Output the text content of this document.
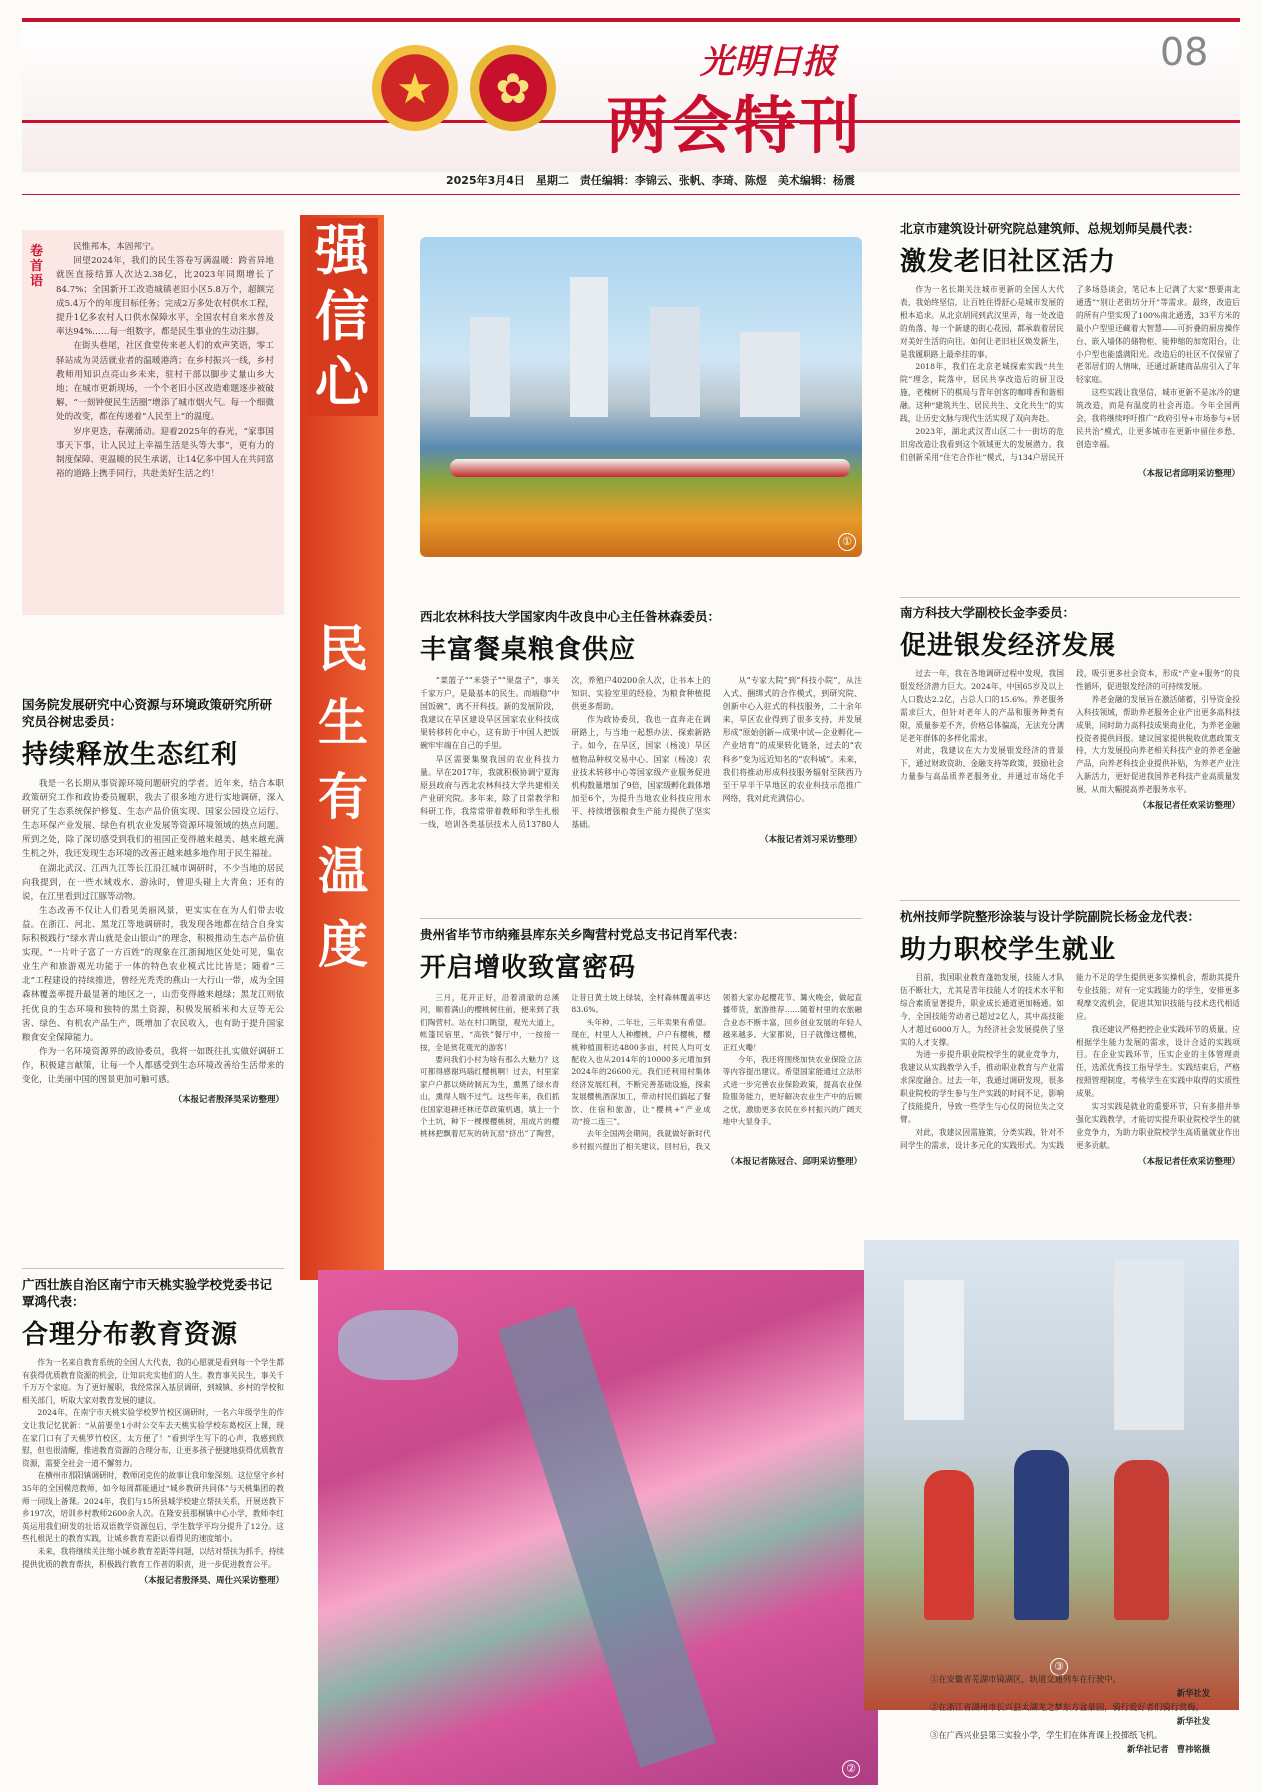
★	✿
光明日报
两会特刊
08
2025年3月4日　星期二　责任编辑：李锦云、张帆、李琦、陈煜　美术编辑：杨震
卷首语

民惟邦本，本固邦宁。

回望2024年，我们的民生答卷写满温暖：跨省异地就医直接结算人次达2.38亿，比2023年同期增长了84.7%；全国新开工改造城镇老旧小区5.8万个，超额完成5.4万个的年度目标任务；完成2万多处农村供水工程，提升1亿多农村人口供水保障水平，全国农村自来水普及率达94%……每一组数字，都是民生事业的生动注脚。

在街头巷尾，社区食堂传来老人们的欢声笑语，零工驿站成为灵活就业者的温暖港湾；在乡村振兴一线，乡村教师用知识点亮山乡未来，驻村干部以脚步丈量山乡大地；在城市更新现场，一个个老旧小区改造难题逐步被破解，“一刻钟便民生活圈”增添了城市烟火气。每一个细微处的改变，都在传递着“人民至上”的温度。

岁序更迭，春潮涌动。迎着2025年的春光，“家事国事天下事，让人民过上幸福生活是头等大事”，更有力的制度保障、更温暖的民生承诺，让14亿多中国人在共同富裕的道路上携手同行，共赴美好生活之约！

强
信
心
民
生
有
温
度
国务院发展研究中心资源与环境政策研究所研究员谷树忠委员：
持续释放生态红利

我是一名长期从事资源环境问题研究的学者。近年来，结合本职政策研究工作和政协委员履职，我去了很多地方进行实地调研，深入研究了生态系统保护修复、生态产品价值实现、国家公园设立运行、生态环保产业发展、绿色有机农业发展等资源环境领域的热点问题。所到之处，除了深切感受到我们的祖国正变得越来越美、越来越充满生机之外，我还发现生态环境的改善正越来越多地作用于民生福祉。

在湖北武汉、江西九江等长江沿江城市调研时，不少当地的居民向我提到，在一些水域戏水、游泳时，曾迎头碰上大青鱼；还有的说，在江里看到过江豚等动物。

生态改善不仅让人们看见美丽风景，更实实在在为人们带去收益。在浙江、河北、黑龙江等地调研时，我发现各地都在结合自身实际积极践行“绿水青山就是金山银山”的理念，积极推动生态产品价值实现。“一片叶子富了一方百姓”的现象在江浙闽地区处处可见，集农业生产和旅游观光功能于一体的特色农业模式比比皆是；随着“三北”工程建设的持续推进，曾经光秃秃的燕山一大行山一带，成为全国森林覆盖率提升最显著的地区之一，山峦变得越来越绿；黑龙江则依托优良的生态环境和独特的黑土资源，积极发展稻米和大豆等无公害、绿色、有机农产品生产，既增加了农民收入，也有助于提升国家粮食安全保障能力。

作为一名环境资源界的政协委员，我将一如既往扎实做好调研工作，积极建言献策，让每一个人都感受到生态环境改善给生活带来的变化，让美丽中国的图景更加可触可感。

（本报记者殷泽昊采访整理）
广西壮族自治区南宁市天桃实验学校党委书记覃鸿代表：
合理分布教育资源

作为一名来自教育系统的全国人大代表，我的心愿就是看到每一个学生都有获得优质教育资源的机会，让知识充实他们的人生。教育事关民生，事关千千万万个家庭。为了更好履职，我经常深入基层调研，到城镇、乡村的学校和相关部门，听取大家对教育发展的建议。

2024年，在南宁市天桃实验学校罗竹校区调研时，一名六年级学生的作文让我记忆犹新：“从前要坐1小时公交车去天桃实验学校东葛校区上课，现在家门口有了天桃罗竹校区，太方便了！”看到学生写下的心声，我感到欣慰，但也很清醒，推进教育资源的合理分布，让更多孩子便捷地获得优质教育资源，需要全社会一道不懈努力。

在横州市那阳镇调研时，教师闭克佐的故事让我印象深刻。这位坚守乡村35年的全国模范教师，如今每周都能通过“城乡教研共同体”与天桃集团的教师一同线上备课。2024年，我们与15所县城学校建立帮扶关系，开展送教下乡197次，培训乡村教师2600余人次。在隆安县那桐镇中心小学，教师李红英运用我们研发的壮语双语教学资源包后，学生数学平均分提升了12分。这些扎根泥土的教育实践，让城乡教育差距以看得见的速度缩小。

未来，我将继续关注缩小城乡教育差距等问题，以结对帮扶为抓手，持续提供优质的教育帮扶，积极践行教育工作者的职责，进一步促进教育公平。

（本报记者殷泽昊、周仕兴采访整理）
①
西北农林科技大学国家肉牛改良中心主任昝林森委员：
丰富餐桌粮食供应

“菜篮子”“米袋子”“果盘子”，事关千家万户，是最基本的民生。而端稳“中国饭碗”，离不开科技。新的发展阶段，我建议在旱区建设旱区国家农业科技成果转移转化中心，这有助于中国人把饭碗牢牢端在自己的手里。

旱区需要集聚我国的农业科技力量。早在2017年，我就积极协调宁夏海原县政府与西北农林科技大学共建相关产业研究院。多年来，除了日常教学和科研工作，我常常带着教师和学生扎根一线，培训各类基层技术人员13780人次，养殖户40200余人次，让书本上的知识、实验室里的经验，为粮食种植提供更多帮助。

作为政协委员，我也一直奔走在调研路上，与当地一起想办法、探索新路子。如今，在旱区，国家（杨凌）旱区植物品种权交易中心、国家（杨凌）农业技术转移中心等国家级产业服务促进机构数量增加了9倍，国家级孵化载体增加至6个，为提升当地农业科技应用水平、持续增强粮食生产能力提供了坚实基础。

从“专家大院”到“科技小院”，从注入式、捆绑式的合作模式，到研究院、创新中心入驻式的科技服务，二十余年来，旱区农业得到了很多支持，并发展形成“原始创新—成果中试—企业孵化—产业培育”的成果转化链条，过去的“农科乡”变为远近知名的“农科城”。未来，我们将推动形成科技服务辐射至陕西乃至干旱半干旱地区的农业科技示范推广网络，我对此充满信心。

（本报记者刘习采访整理）
贵州省毕节市纳雍县库东关乡陶营村党总支书记肖军代表：
开启增收致富密码

三月，花开正好，沿着清澈的总溪河，顺着满山的樱桃树往前，便来到了我们陶营村。站在村口眺望，观光大道上，帐篷民宿里、“高铁”餐厅中，一按接一按，全是赏花观光的游客！

要问我们小村为啥有那么大魅力？这可都得感谢玛瑙红樱桃啊！过去，村里家家户户都以烧砖制瓦为生，熏黑了绿水青山，熏得人喘不过气。这些年来，我们抓住国家退耕还林还草政策机遇，填上一个个土坑，种下一棵棵樱桃树，用成片的樱桃林把飘着尼灰的砖瓦窑“挤出”了陶营，让昔日黄土坡上绿装，全村森林覆盖率达83.6%。

头年种，二年壮，三年卖果有希望。现在，村里人人种樱桃，户户有樱桃，樱桃种植面积达4800多亩，村民人均可支配收入也从2014年的10000多元增加到2024年的26600元。我们还利用村集体经济发展红利，不断完善基础设施，探索发展樱桃酒深加工，带动村民们搞起了餐饮、住宿和旅游，让“樱桃+”产业成功“接二连三”。

去年全国两会期间，我就做好新时代乡村振兴提出了相关建议。回村后，我又领着大家办起樱花节、篝火晚会，做起直播带货，旅游推荐……随着村里的农旅融合业态不断丰富，回乡创业发展的年轻人越来越多。大家都说，日子就像这樱桃，正红火嘞！

今年，我还将围绕加快农业保险立法等内容提出建议。希望国家能通过立法形式进一步完善农业保险政策，提高农业保险服务能力，更好解决农业生产中的后顾之忧，激励更多农民在乡村振兴的广阔天地中大显身手。

（本报记者陈冠合、邱明采访整理）
②
北京市建筑设计研究院总建筑师、总规划师吴晨代表：
激发老旧社区活力

作为一名长期关注城市更新的全国人大代表，我始终坚信，让百姓住得舒心是城市发展的根本追求。从北京胡同到武汉里弄，每一处改造的角落、每一个新建的街心花园，都承载着居民对美好生活的向往。如何让老旧社区焕发新生，是我履职路上最牵挂的事。

2018年，我们在北京老城探索实践“共生院”理念，院落中，居民共享改造后的厨卫设施，老槐树下的棋局与青年创客的咖啡香和谐相融。这种“建筑共生、居民共生、文化共生”的实践，让历史文脉与现代生活实现了双向奔赴。

2023年，湖北武汉青山区二十一街坊的危旧房改造让我看到这个领域更大的发展潜力。我们创新采用“住宅合作社”模式，与134户居民开了多场恳谈会，笔记本上记满了大家“想要南北通透”“别让老街坊分开”等需求。最终，改造后的所有户型实现了100%南北通透，33平方米的最小户型里还藏着大智慧——可折叠的厨房操作台、嵌入墙体的储物柜、能伸缩的加宽阳台，让小户型也能盛满阳光。改造后的社区不仅保留了老邻居们的人情味，还通过新建商品房引入了年轻家庭。

这些实践让我坚信，城市更新不是冰冷的建筑改造，而是有温度的社会再造。今年全国两会，我将继续呼吁推广“政府引导+市场参与+居民共治”模式，让更多城市在更新中留住乡愁、创造幸福。

（本报记者邱明采访整理）
南方科技大学副校长金李委员：
促进银发经济发展

过去一年，我在各地调研过程中发现，我国银发经济潜力巨大。2024年，中国65岁及以上人口数达2.2亿，占总人口的15.6%。养老服务需求巨大，但针对老年人的产品和服务种类有限，质量参差不齐，价格总体偏高，无法充分满足老年群体的多样化需求。

对此，我建议在大力发展银发经济的背景下，通过财政资助、金融支持等政策，鼓励社会力量参与高品质养老服务业，并通过市场化手段，吸引更多社会资本，形成“产业+服务”的良性循环，促进银发经济的可持续发展。

养老金融的发展旨在激活储蓄，引导资金投入科技领域，帮助养老服务企业产出更多高科技成果，同时助力高科技成果商业化，为养老金融投资者提供回报。建议国家提供税收优惠政策支持，大力发展投向养老相关科技产业的养老金融产品，向养老科技企业提供补贴，为养老产业注入新活力，更好促进我国养老科技产业高质量发展，从而大幅提高养老服务水平。

（本报记者任欢采访整理）
杭州技师学院整形涂装与设计学院副院长杨金龙代表：
助力职校学生就业

目前，我国职业教育蓬勃发展，技能人才队伍不断壮大，尤其是青年技能人才的技术水平和综合素质显著提升，职业成长通道更加畅通。如今，全国技能劳动者已超过2亿人，其中高技能人才超过6000万人，为经济社会发展提供了坚实的人才支撑。

为进一步提升职业院校学生的就业竞争力，我建议从实践教学入手，推动职业教育与产业需求深度融合。过去一年，我通过调研发现，很多职业院校的学生参与生产实践的时间不足，影响了技能提升，导致一些学生与心仪的岗位失之交臂。

对此，我建议因需施策，分类实践，针对不同学生的需求，设计多元化的实践形式。为实践能力不足的学生提供更多实操机会，帮助其提升专业技能；对有一定实践能力的学生，安排更多观摩交流机会，促进其知识技能与技术迭代相适应。

我还建议严格把控企业实践环节的质量。应根据学生能力发展的需求，设计合适的实践项目。在企业实践环节，压实企业的主体管理责任，选派优秀技工指导学生。实践结束后，严格按照管理制度，考核学生在实践中取得的实质性成果。

实习实践是就业的重要环节，只有多措并举强化实践教学，才能切实提升职业院校学生的就业竞争力，为助力职业院校学生高质量就业作出更多贡献。

（本报记者任欢采访整理）
③
①在安徽省芜湖市镜湖区，轨道交通列车在行驶中。
新华社发
②在浙江省湖州市长兴县太湖龙之梦东方盆景园，骑行爱好者们骑行赏梅。
新华社发
③在广西兴业县第三实验小学，学生们在体育课上投掷纸飞机。
新华社记者　曹祎铭摄
